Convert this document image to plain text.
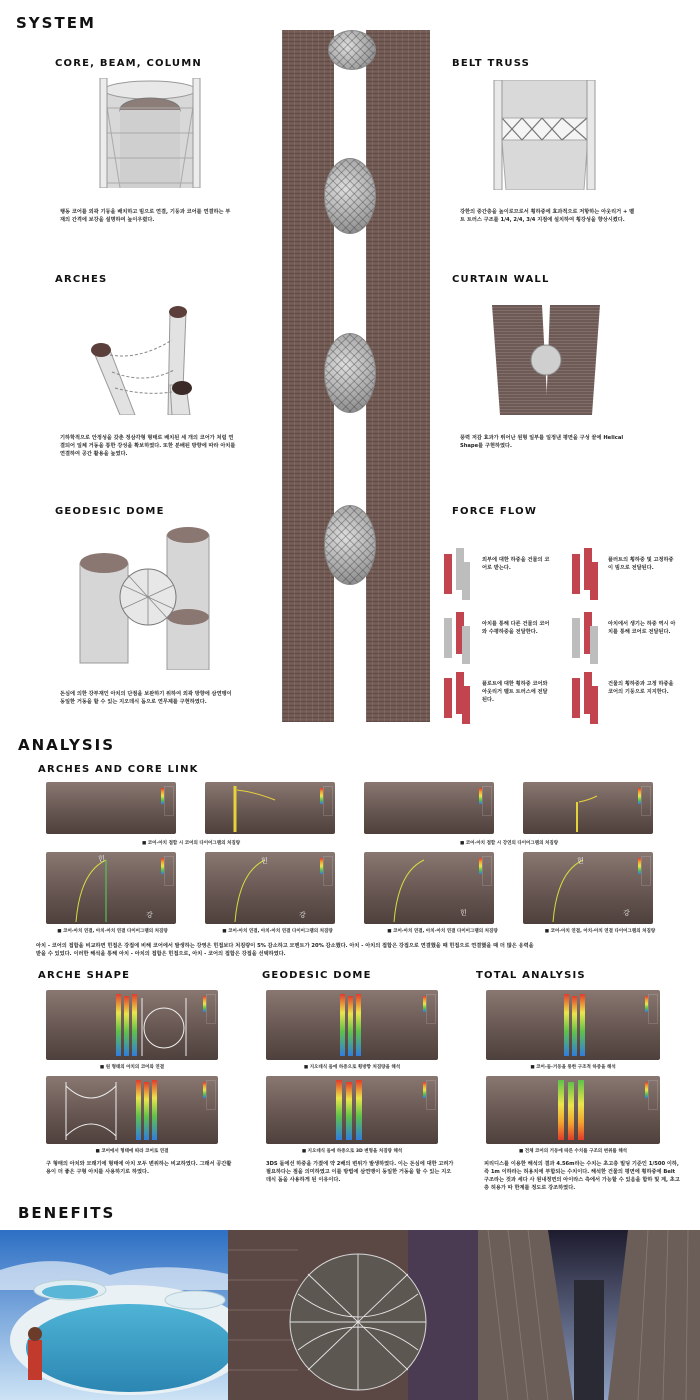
SYSTEM
CORE, BEAM, COLUMN
행동 코어를 외곽 기둥을 배치하고 빔으로 연결, 기둥과 코어를 연결하는 부재의 간격에 보강을 설명하여 높이우렸다.
ARCHES
기하학적으로 안정성을 갖춘 정삼각형 형태로 배치된 세 개의 코어가 처럼 연결되어 일체 거동을 통한 강성을 확보하였다. 또한 분배된 방향에 따라 아치를 연결하여 공간 활용을 높였다.
GEODESIC DOME
돈심에 의한 강부재인 아치의 단점을 보완하기 위하여 외곽 방향에 삼연맹이 동일한 거동을 할 수 있는 지오데식 돔으로 연무제를 구현하였다.
BELT TRUSS
강한의 중간층을 높이로므로서 횡하중에 효과적으로 저항하는 아웃리거 + 벨트 트러스 구조를 1/4, 2/4, 3/4 지점에 설치하여 횡강성을 향상시켰다.
CURTAIN WALL
풍력 저감 효과가 뛰어난 원형 일부를 일정낸 평면을 구성 끝에 Helical Shape를 구현하였다.
FORCE FLOW
외부에 대한 하중을 건물의 코어로 받는다.
플러트의 횡하중 및 고정하중이 빔으로 전달된다.
아치를 통해 다른 건물의 코어와 수평하중을 전달한다.
아치에서 생기는 하중 역시 아치를 통해 코어로 전달된다.
플로트에 대한 횡하중 코어와 아웃리거 벨트 트러스에 전달된다.
건물의 횡하중과 고정 하중을 코어의 기둥으로 지지한다.
ANALYSIS
ARCHES AND CORE LINK
■ 코어-아치 접합 시 코어의 다이어그램의 처짐량	■ 코어-아치 접합 시 강연의 다이어그램의 처짐량
힌
강
힌
강	힌
힌
강
■ 코어-아치 연결, 아치-아치 연결 다이어그램의 처짐량	■ 코어-아치 연결, 아치-아치 연결 다이어그램의 처짐량	■ 코어-아치 연결, 아치-아치 연결 다이어그램의 처짐량	■ 코어-아치 연결, 아치-아치 연결 다이어그램의 처짐량
아치 - 코어의 접합을 비교하면 힌접은 강접에 비해 코어에서 발생하는 강영은 힌접보다 처짐량이 5% 감소하고 모멘트가 20% 감소했다. 아치 - 아치의 접합은 강접으로 연결했을 때 힌접으로 연결했을 때 더 많은 응력을 받을 수 있었다. 이러한 해석을 통해 아치 - 아치의 접합은 힌접으로, 아치 - 코어의 접합은 강접을 선택하였다.
ARCHE SHAPE
■ 원 형태의 아치의 코어와 연결
■ 코어에서 형태에 따라 코어로 연결
구 형태의 아치와 모래기에 형태에 아치 모두 변위하는 비교하였다. 그래서 공간활용이 더 좋은 구형 아치를 사용하기로 하였다.
GEODESIC DOME
■ 지오데식 돔에 하중으로 횡방향 처짐량을 해석
■ 지오데식 돔에 하중으로 3D 변형을 처짐량 해석
3DS 돌에선 하중을 가졌에 약 2배의 변위가 발생하였다. 이는 돈심에 대한 고려가 필요하다는 점을 의미하였고 이를 방법에 삼연맹이 동일한 거동을 할 수 있는 지오데식 돔을 사용하게 된 이유이다.
TOTAL ANALYSIS
■ 코어-돔-거동을 통한 구조적 하중을 해석
■ 전체 코어의 거동에 따른 수치를 구조의 변위를 해석
피리디스를 이용한 해석의 결과 4.56m라는 수치는 초고층 빌딩 기준인 1/500 이하, 즉 1m 이하라는 허용치에 부합되는 수치이다. 해석한 건물의 평면에 횡하중에 Belt 구조라는 것과 세다 사 원내정면의 아이라스 측에서 가능할 수 있음을 합하 및 계, 초고층 허용가 따 한계를 정도로 강조하였다.
BENEFITS
